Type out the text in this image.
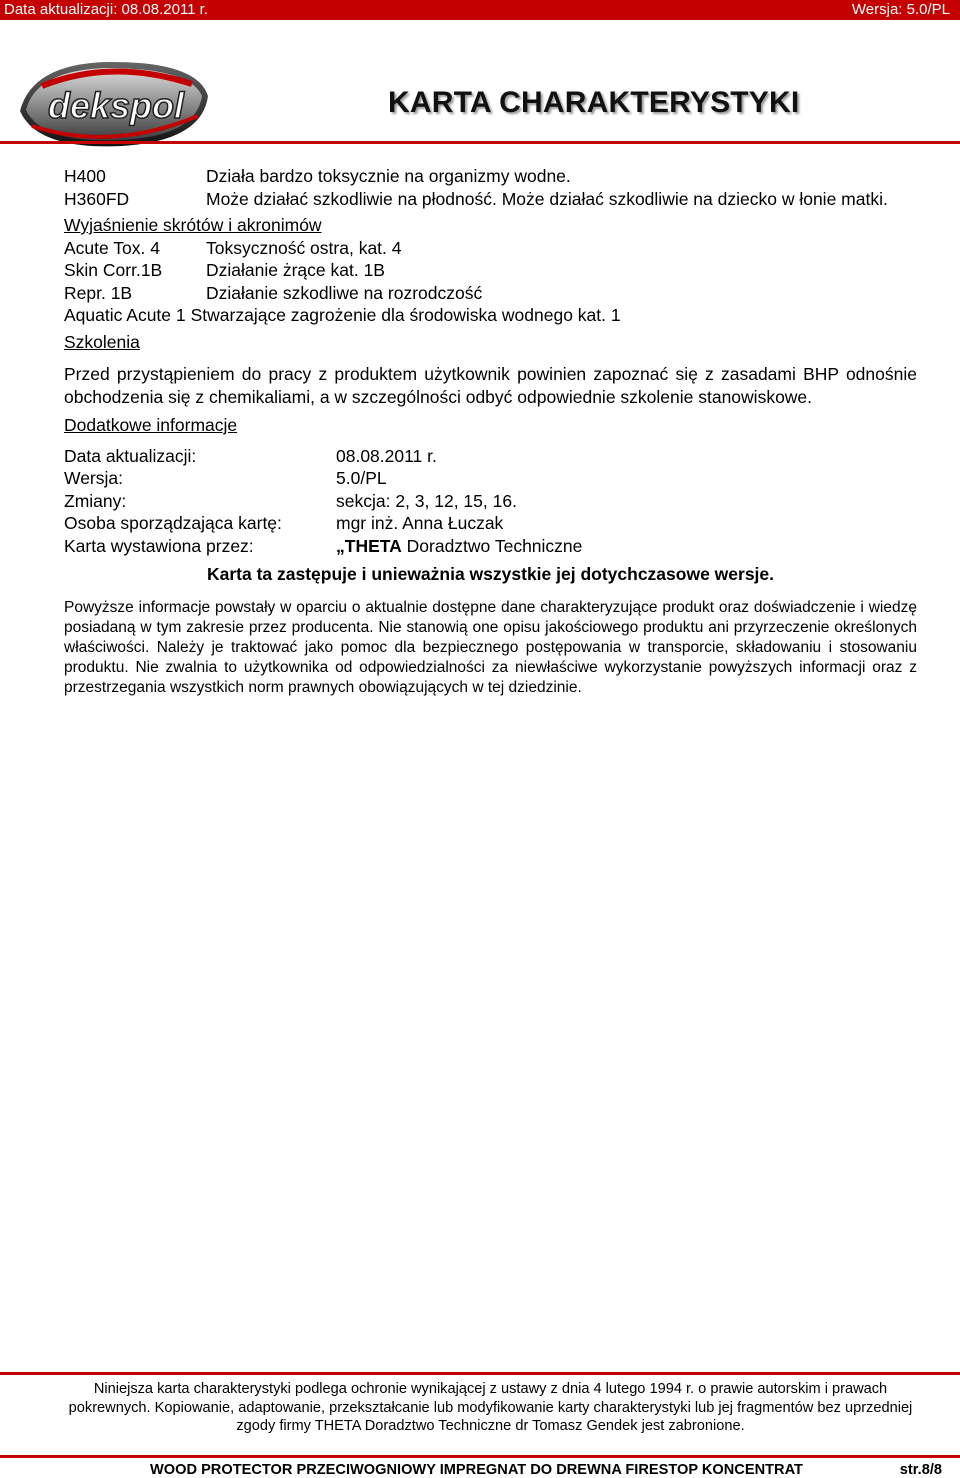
Data aktualizacji: 08.08.2011 r.	Wersja: 5.0/PL
dekspol	KARTA CHARAKTERYSTYKI
H400	Działa bardzo toksycznie na organizmy wodne.
H360FD	Może działać szkodliwie na płodność. Może działać szkodliwie na dziecko w łonie matki.
Wyjaśnienie skrótów i akronimów
Acute Tox. 4	Toksyczność ostra, kat. 4
Skin Corr.1B	Działanie żrące kat. 1B
Repr. 1B	Działanie szkodliwe na rozrodczość
Aquatic Acute 1 Stwarzające zagrożenie dla środowiska wodnego kat. 1
Szkolenia
Przed przystąpieniem do pracy z produktem użytkownik powinien zapoznać się z zasadami BHP odnośnie obchodzenia się z chemikaliami, a w szczególności odbyć odpowiednie szkolenie stanowiskowe.
Dodatkowe informacje
Data aktualizacji:	08.08.2011 r.
Wersja:	5.0/PL
Zmiany:	sekcja: 2, 3, 12, 15, 16.
Osoba sporządzająca kartę:	mgr inż. Anna Łuczak
Karta wystawiona przez:	„THETA Doradztwo Techniczne
Karta ta zastępuje i unieważnia wszystkie jej dotychczasowe wersje.
Powyższe informacje powstały w oparciu o aktualnie dostępne dane charakteryzujące produkt oraz doświadczenie i wiedzę posiadaną w tym zakresie przez producenta. Nie stanowią one opisu jakościowego produktu ani przyrzeczenie określonych właściwości. Należy je traktować jako pomoc dla bezpiecznego postępowania w transporcie, składowaniu i stosowaniu produktu. Nie zwalnia to użytkownika od odpowiedzialności za niewłaściwe wykorzystanie powyższych informacji oraz z przestrzegania wszystkich norm prawnych obowiązujących w tej dziedzinie.
Niniejsza karta charakterystyki podlega ochronie wynikającej z ustawy z dnia 4 lutego 1994 r. o prawie autorskim i prawach pokrewnych. Kopiowanie, adaptowanie, przekształcanie lub modyfikowanie karty charakterystyki lub jej fragmentów bez uprzedniej zgody firmy THETA Doradztwo Techniczne dr Tomasz Gendek jest zabronione.
WOOD PROTECTOR PRZECIWOGNIOWY IMPREGNAT DO DREWNA FIRESTOP KONCENTRAT	str.8/8
